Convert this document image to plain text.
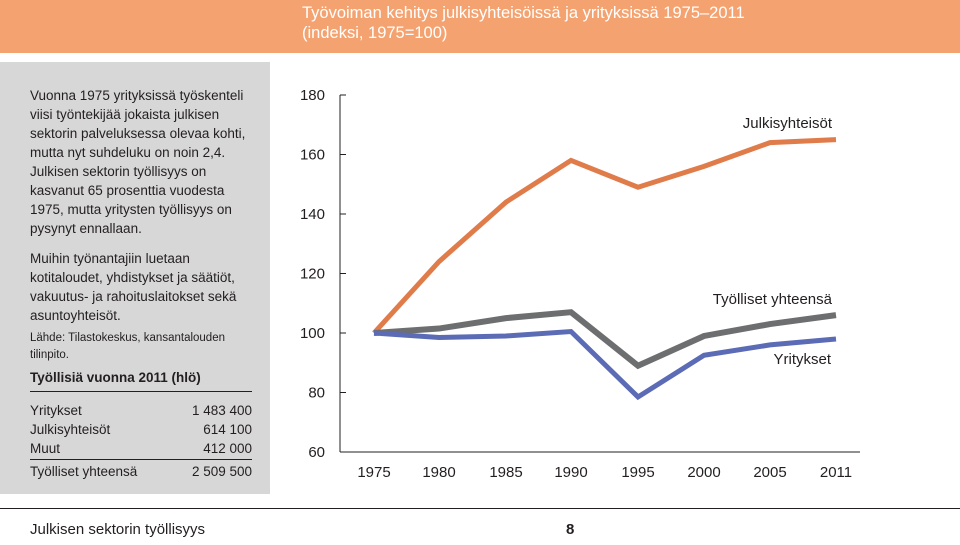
Työvoiman kehitys julkisyhteisöissä ja yrityksissä 1975–2011
(indeksi, 1975=100)
Vuonna 1975 yrityksissä työskenteli viisi työntekijää jokaista julkisen sektorin palveluksessa olevaa kohti, mutta nyt suhdeluku on noin 2,4. Julkisen sektorin työllisyys on kasvanut 65 prosenttia vuodesta 1975, mutta yritysten työllisyys on pysynyt ennallaan.
Muihin työnantajiin luetaan kotitaloudet, yhdistykset ja säätiöt, vakuutus- ja rahoituslaitokset sekä asuntoyhteisöt.
Lähde: Tilastokeskus, kansantalouden tilinpito.
Työllisiä vuonna 2011 (hlö)
Yritykset	1 483 400
Julkisyhteisöt	614 100
Muut	412 000
Työlliset yhteensä	2 509 500
180
160
140
120
100
80
60
1975 1980 1985 1990 1995 2000 2005 2011
Julkisyhteisöt
Työlliset yhteensä
Yritykset
Julkisen sektorin työllisyys	8
